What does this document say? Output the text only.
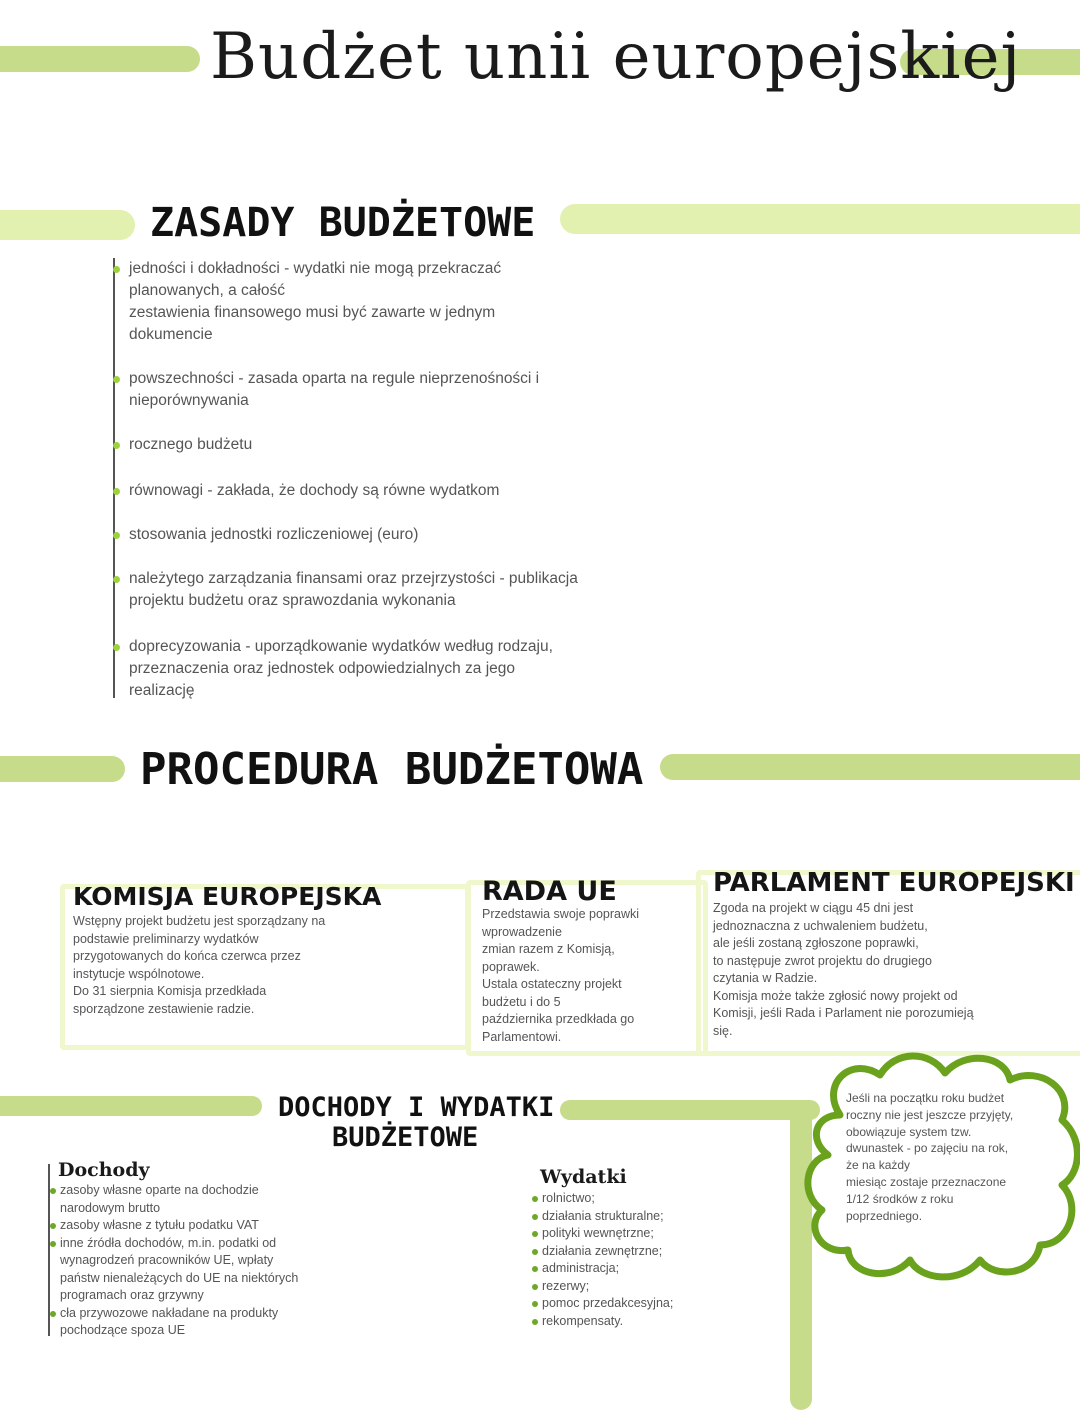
Budżet unii europejskiej
ZASADY BUDŻETOWE
jedności i dokładności - wydatki nie mogą przekraczać
planowanych, a całość
zestawienia finansowego musi być zawarte w jednym
dokumencie
powszechności - zasada oparta na regule nieprzenośności i
nieporównywania
rocznego budżetu
równowagi - zakłada, że dochody są równe wydatkom
stosowania jednostki rozliczeniowej (euro)
należytego zarządzania finansami oraz przejrzystości - publikacja
projektu budżetu oraz sprawozdania wykonania
doprecyzowania - uporządkowanie wydatków według rodzaju,
przeznaczenia oraz jednostek odpowiedzialnych za jego
realizację
PROCEDURA BUDŻETOWA
KOMISJA EUROPEJSKA
Wstępny projekt budżetu jest sporządzany na
podstawie preliminarzy wydatków
przygotowanych do końca czerwca przez
instytucje wspólnotowe.
Do 31 sierpnia Komisja przedkłada
sporządzone zestawienie radzie.
RADA UE
Przedstawia swoje poprawki
wprowadzenie
zmian razem z Komisją,
poprawek.
Ustala ostateczny projekt
budżetu i do 5
października przedkłada go
Parlamentowi.
PARLAMENT EUROPEJSKI
Zgoda na projekt w ciągu 45 dni jest
jednoznaczna z uchwaleniem budżetu,
ale jeśli zostaną zgłoszone poprawki,
to następuje zwrot projektu do drugiego
czytania w Radzie.
Komisja może także zgłosić nowy projekt od
Komisji, jeśli Rada i Parlament nie porozumieją
się.
DOCHODY I WYDATKI
BUDŻETOWE
Dochody
zasoby własne oparte na dochodzie
narodowym brutto
zasoby własne z tytułu podatku VAT
inne źródła dochodów, m.in. podatki od
wynagrodzeń pracowników UE, wpłaty
państw nienależących do UE na niektórych
programach oraz grzywny
cła przywozowe nakładane na produkty
pochodzące spoza UE
Wydatki
rolnictwo;
działania strukturalne;
polityki wewnętrzne;
działania zewnętrzne;
administracja;
rezerwy;
pomoc przedakcesyjna;
rekompensaty.
Jeśli na początku roku budżet
roczny nie jest jeszcze przyjęty,
obowiązuje system tzw.
dwunastek - po zajęciu na rok,
że na każdy
miesiąc zostaje przeznaczone
1/12 środków z roku
poprzedniego.
